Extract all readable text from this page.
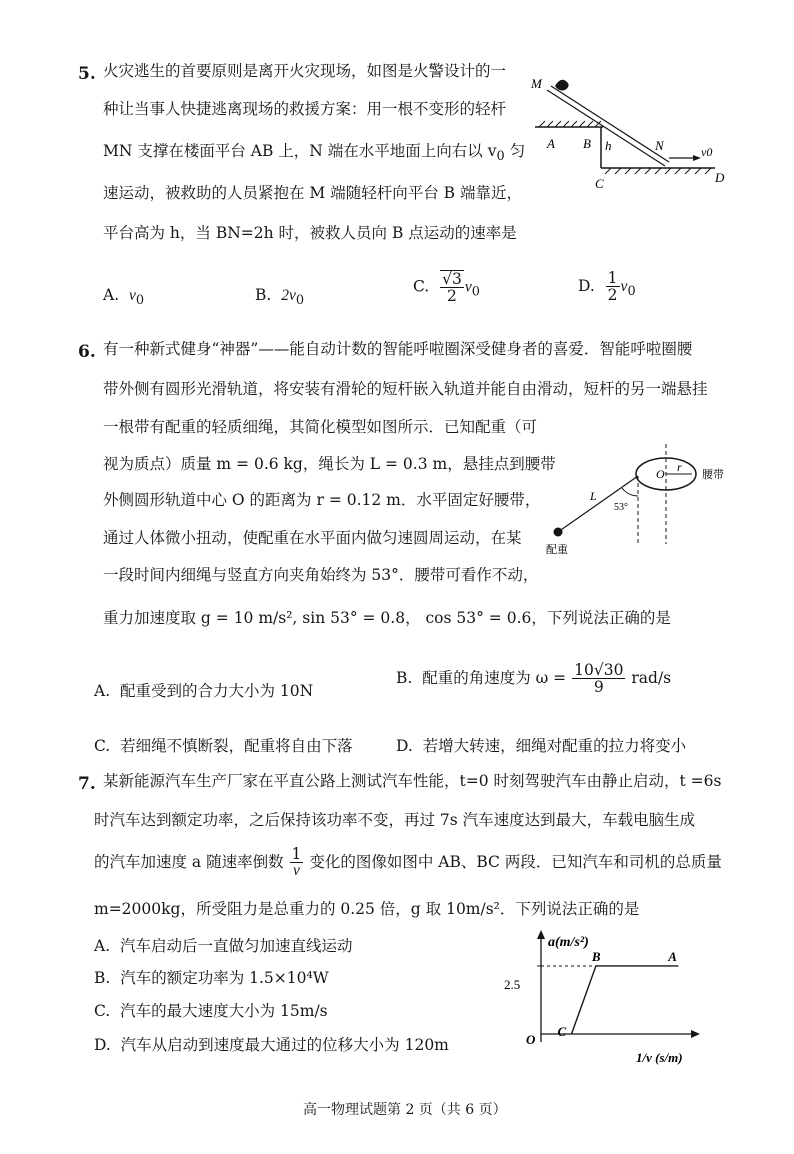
5. 火灾逃生的首要原则是离开火灾现场，如图是火警设计的一
种让当事人快捷逃离现场的救援方案：用一根不变形的轻杆
MN 支撑在楼面平台 AB 上，N 端在水平地面上向右以 $v_0$ 匀
速运动，被救助的人员紧抱在 M 端随轻杆向平台 B 端靠近，
平台高为 h，当 BN=2h 时，被救人员向 B 点运动的速率是
A. $v_0$	B. $2v_0$
C. $\frac{√3}{2} v_0$	D. $\frac{1}{2} v_0$
M
A B h	N	v0
C	D
6. 有一种新式健身“神器”——能自动计数的智能呼啦圈深受健身者的喜爱．智能呼啦圈腰
带外侧有圆形光滑轨道，将安装有滑轮的短杆嵌入轨道并能自由滑动，短杆的另一端悬挂
一根带有配重的轻质细绳，其简化模型如图所示．已知配重（可
视为质点）质量 m = 0.6 kg，绳长为 L = 0.3 m，悬挂点到腰带
外侧圆形轨道中心 O 的距离为 r = 0.12 m．水平固定好腰带，
通过人体微小扭动，使配重在水平面内做匀速圆周运动，在某
一段时间内细绳与竖直方向夹角始终为 53°．腰带可看作不动，
重力加速度取 g = 10 m/s², sin 53° = 0.8， cos 53° = 0.6，下列说法正确的是
A. 配重受到的合力大小为 10N
B. 配重的角速度为 $\omega = \frac{10√30}{9} rad/s$
C. 若细绳不慎断裂，配重将自由下落	D. 若增大转速，细绳对配重的拉力将变小
O r
腰带
L
53°
配重
7. 某新能源汽车生产厂家在平直公路上测试汽车性能，t=0 时刻驾驶汽车由静止启动，t =6s
时汽车达到额定功率，之后保持该功率不变，再过 7s 汽车速度达到最大，车载电脑生成
的汽车加速度 a 随速率倒数 $\frac{1}{v}$ 变化的图像如图中 AB、BC 两段．已知汽车和司机的总质量
m=2000kg，所受阻力是总重力的 0.25 倍，g 取 10m/s²．下列说法正确的是
A. 汽车启动后一直做匀加速直线运动
B. 汽车的额定功率为 1.5×10⁴W
C. 汽车的最大速度大小为 15m/s
D. 汽车从启动到速度最大通过的位移大小为 120m
a(m/s²)
O
2.5
1/v (s/m)
B	A
C
高一物理试题第 2 页（共 6 页）
